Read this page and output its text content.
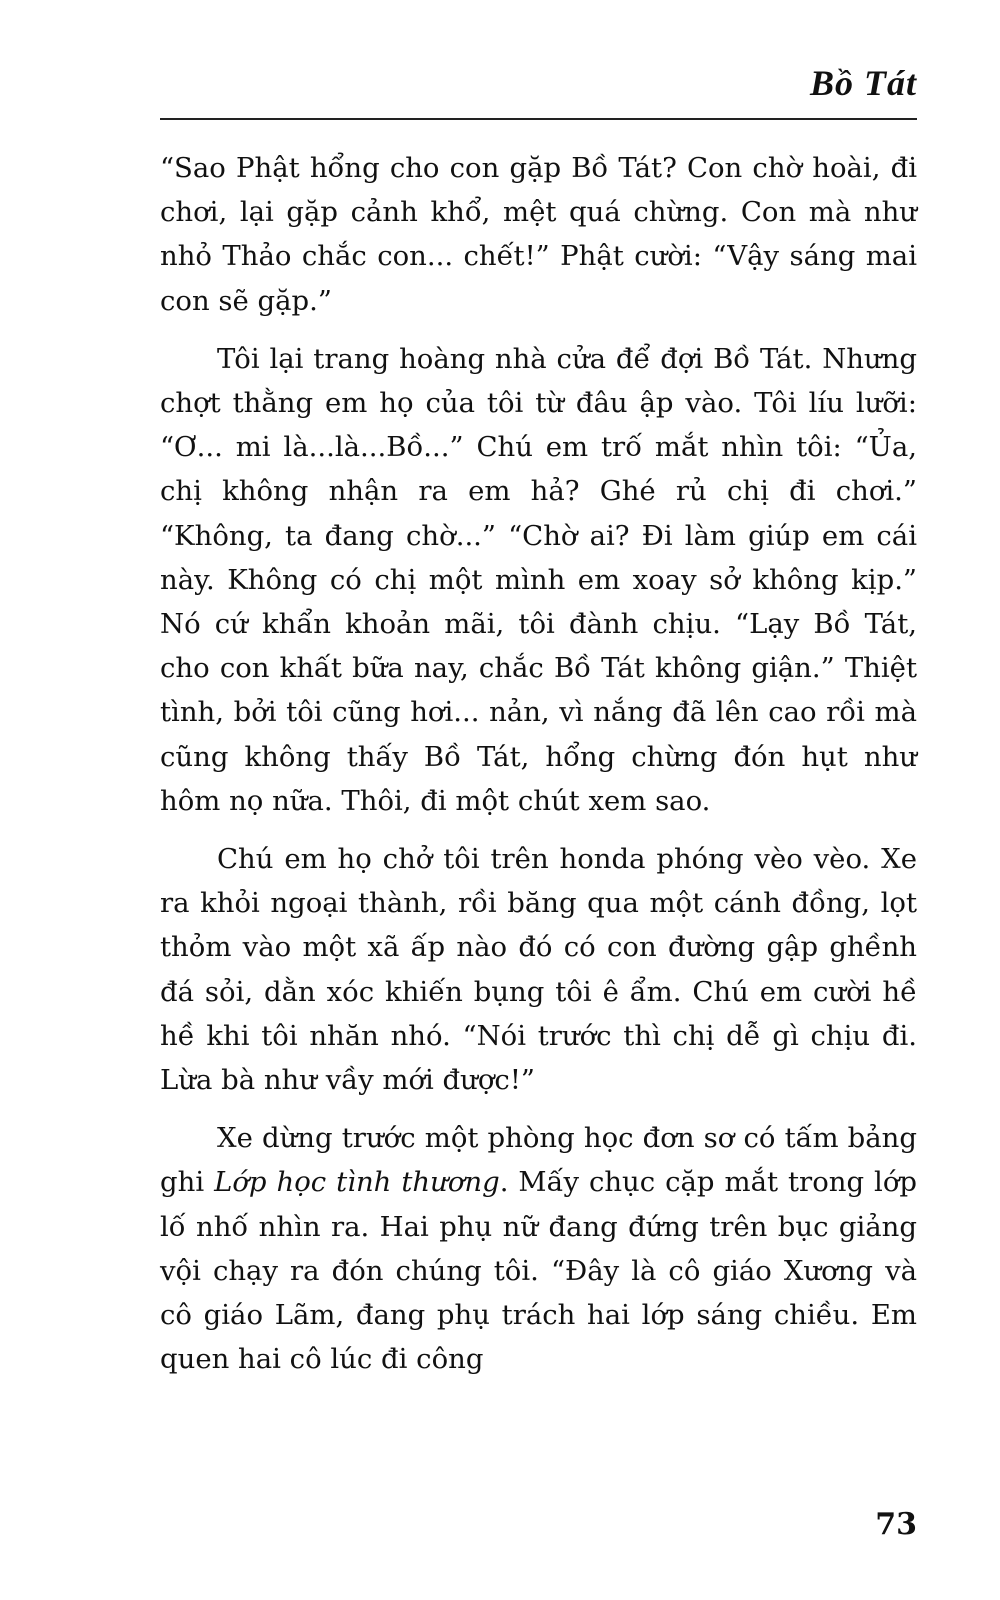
Bồ Tát

“Sao Phật hổng cho con gặp Bồ Tát? Con chờ hoài, đi chơi, lại gặp cảnh khổ, mệt quá chừng. Con mà như nhỏ Thảo chắc con... chết!” Phật cười: “Vậy sáng mai con sẽ gặp.”

Tôi lại trang hoàng nhà cửa để đợi Bồ Tát. Nhưng chợt thằng em họ của tôi từ đâu ập vào. Tôi líu lưỡi: “Ơ... mi là...là...Bồ...” Chú em trố mắt nhìn tôi: “Ủa, chị không nhận ra em hả? Ghé rủ chị đi chơi.” “Không, ta đang chờ...” “Chờ ai? Đi làm giúp em cái này. Không có chị một mình em xoay sở không kịp.” Nó cứ khẩn khoản mãi, tôi đành chịu. “Lạy Bồ Tát, cho con khất bữa nay, chắc Bồ Tát không giận.” Thiệt tình, bởi tôi cũng hơi... nản, vì nắng đã lên cao rồi mà cũng không thấy Bồ Tát, hổng chừng đón hụt như hôm nọ nữa. Thôi, đi một chút xem sao.

Chú em họ chở tôi trên honda phóng vèo vèo. Xe ra khỏi ngoại thành, rồi băng qua một cánh đồng, lọt thỏm vào một xã ấp nào đó có con đường gập ghềnh đá sỏi, dằn xóc khiến bụng tôi ê ẩm. Chú em cười hề hề khi tôi nhăn nhó. “Nói trước thì chị dễ gì chịu đi. Lừa bà như vầy mới được!”

Xe dừng trước một phòng học đơn sơ có tấm bảng ghi Lớp học tình thương. Mấy chục cặp mắt trong lớp lố nhố nhìn ra. Hai phụ nữ đang đứng trên bục giảng vội chạy ra đón chúng tôi. “Đây là cô giáo Xương và cô giáo Lãm, đang phụ trách hai lớp sáng chiều. Em quen hai cô lúc đi công

73
